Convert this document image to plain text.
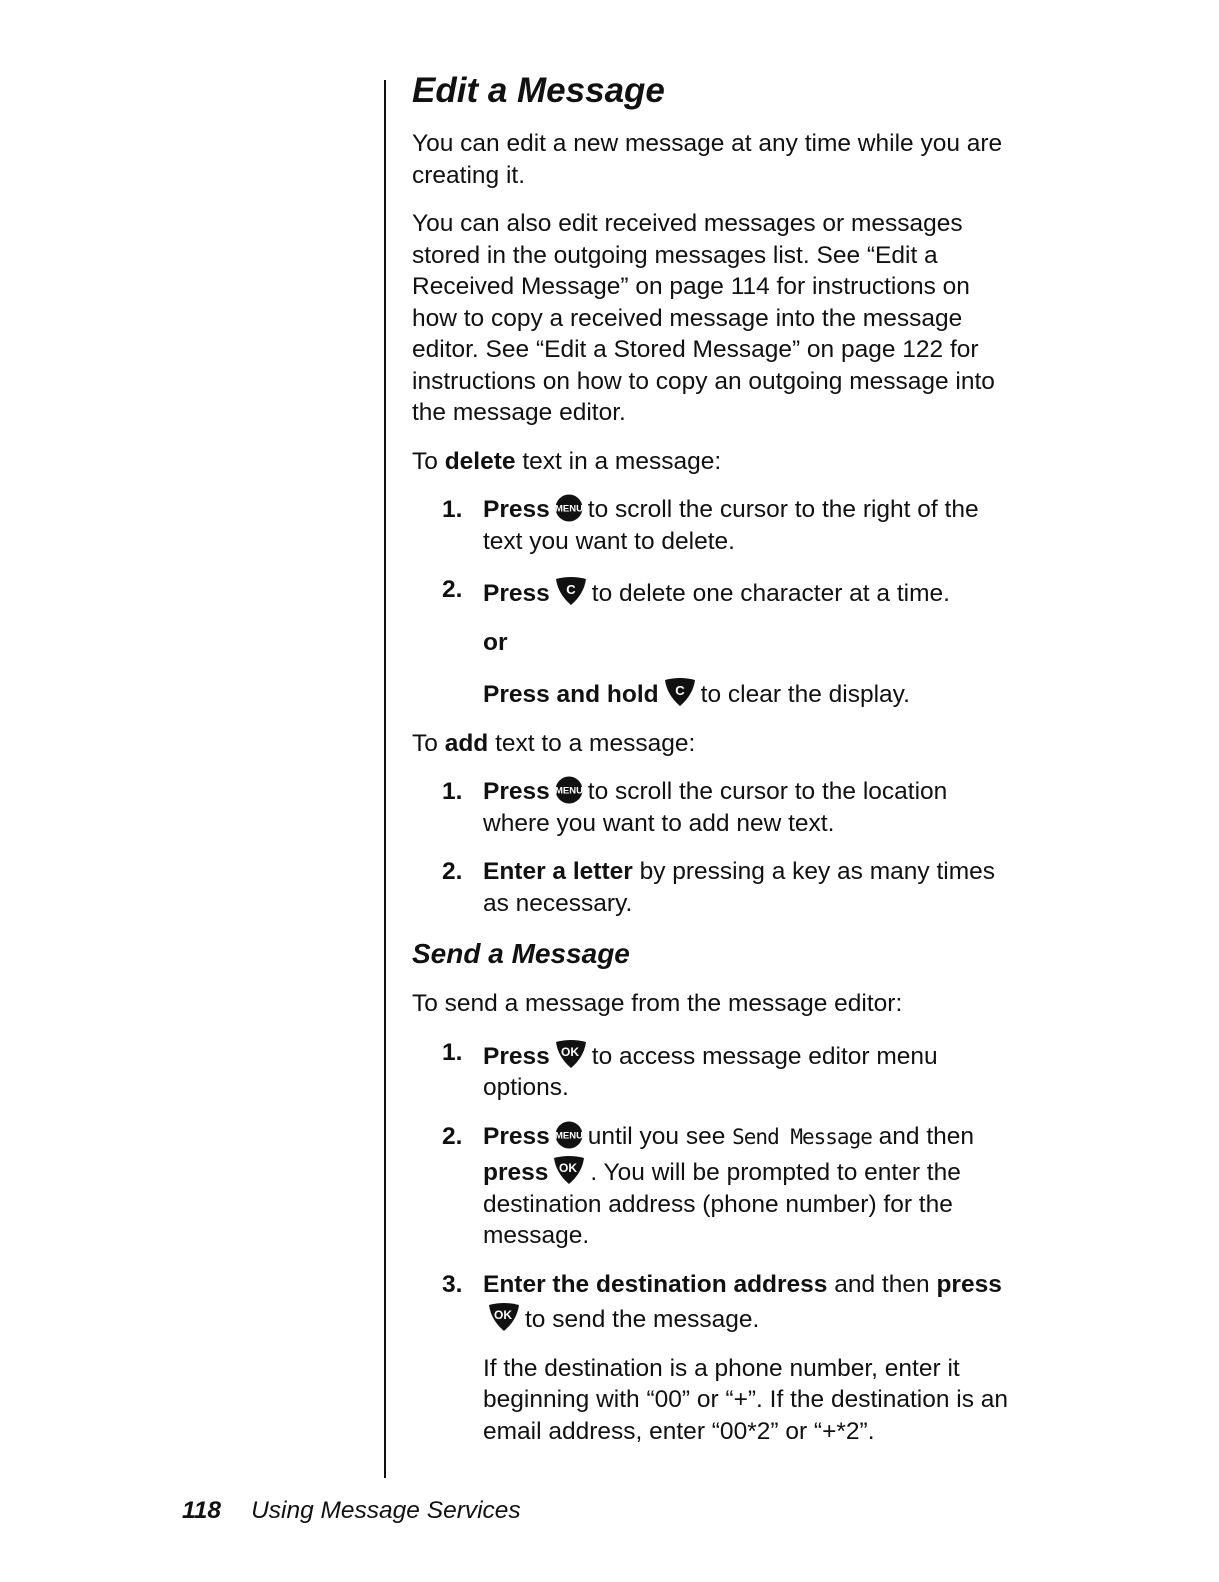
Edit a Message

You can edit a new message at any time while you are creating it.

You can also edit received messages or messages stored in the outgoing messages list. See “Edit a Received Message” on page 114 for instructions on how to copy a received message into the message editor. See “Edit a Stored Message” on page 122 for instructions on how to copy an outgoing message into the message editor.

To delete text in a message:

1. Press MENU to scroll the cursor to the right of the text you want to delete.
2. Press C to delete one character at a time.
or
Press and hold C to clear the display.

To add text to a message:

1. Press MENU to scroll the cursor to the location where you want to add new text.
2. Enter a letter by pressing a key as many times as necessary.
Send a Message

To send a message from the message editor:

1. Press OK to access message editor menu options.
2. Press MENU until you see Send Message and then press OK . You will be prompted to enter the destination address (phone number) for the message.
3. Enter the destination address and then press
OK to send the message.
If the destination is a phone number, enter it beginning with “00” or “+”. If the destination is an email address, enter “00*2” or “+*2”.
118 Using Message Services
